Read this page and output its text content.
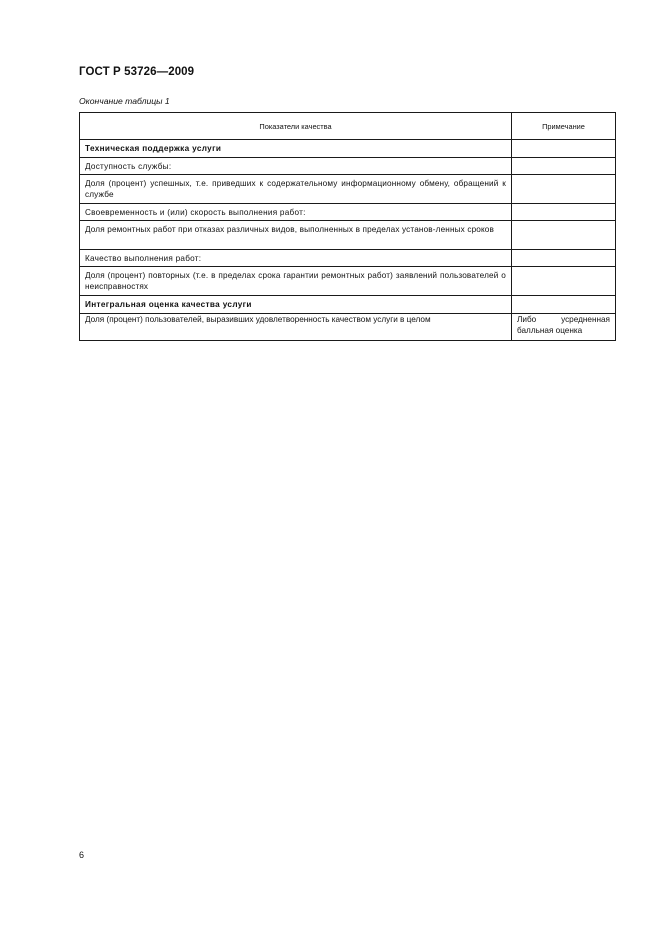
ГОСТ Р 53726—2009
Окончание таблицы 1
Показатели качества	Примечание
Техническая поддержка услуги	
Доступность службы:	
Доля (процент) успешных, т.е. приведших к содержательному информационному обмену, обращений к службе	
Своевременность и (или) скорость выполнения работ:	
Доля ремонтных работ при отказах различных видов, выполненных в пределах установ-ленных сроков	
Качество выполнения работ:	
Доля (процент) повторных (т.е. в пределах срока гарантии ремонтных работ) заявлений пользователей о неисправностях	
Интегральная оценка качества услуги	
Доля (процент) пользователей, выразивших удовлетворенность качеством услуги в целом	Либо усредненная балльная оценка
6
